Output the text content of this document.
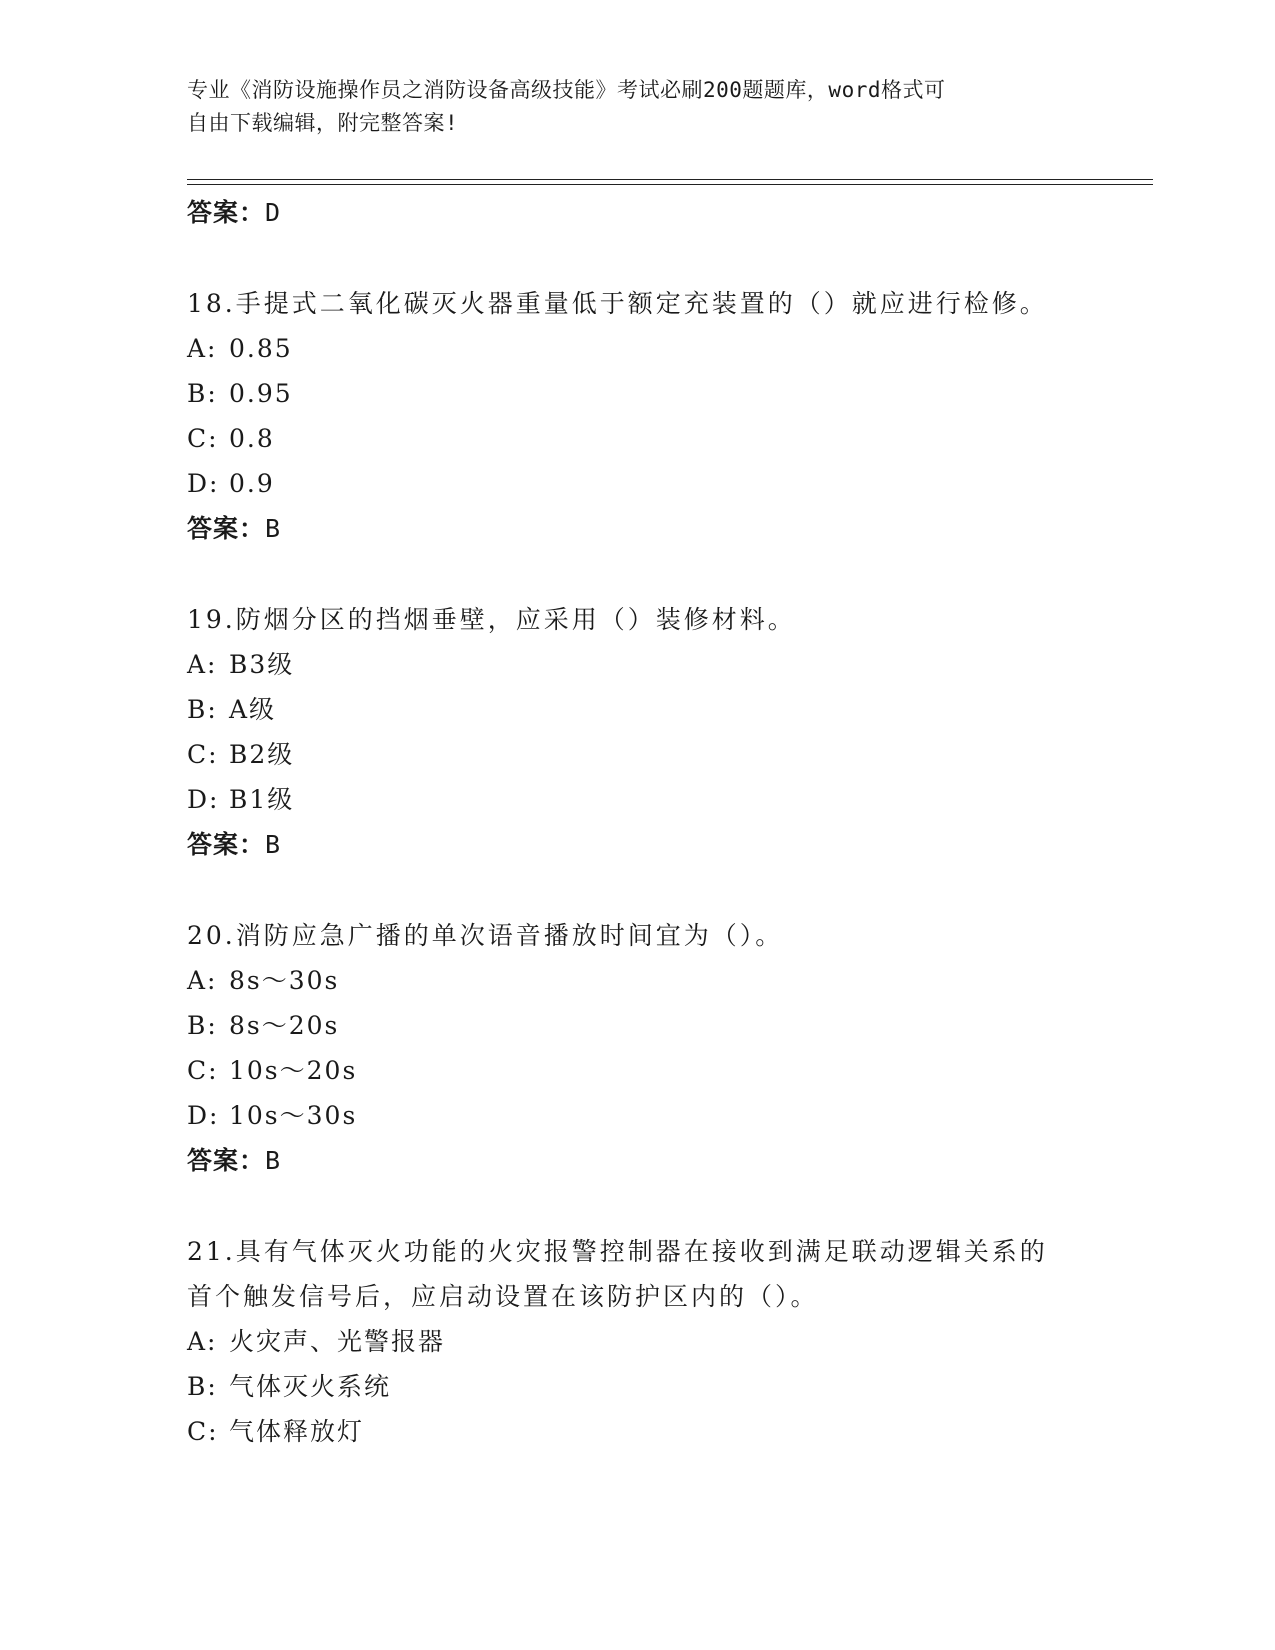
专业《消防设施操作员之消防设备高级技能》考试必刷200题题库，word格式可
自由下载编辑，附完整答案!
答案：D
18.手提式二氧化碳灭火器重量低于额定充装置的（）就应进行检修。
A: 0.85
B: 0.95
C: 0.8
D: 0.9
答案：B
19.防烟分区的挡烟垂壁，应采用（）装修材料。
A: B3级
B: A级
C: B2级
D: B1级
答案：B
20.消防应急广播的单次语音播放时间宜为（）。
A: 8s～30s
B: 8s～20s
C: 10s～20s
D: 10s～30s
答案：B
21.具有气体灭火功能的火灾报警控制器在接收到满足联动逻辑关系的
首个触发信号后，应启动设置在该防护区内的（）。
A: 火灾声、光警报器
B: 气体灭火系统
C: 气体释放灯
